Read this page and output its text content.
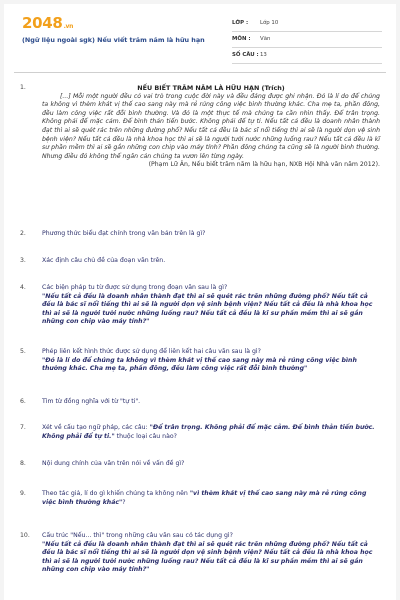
2048.vn
(Ngữ liệu ngoài sgk) Nếu viết trăm năm là hữu hạn
LỚP : Lớp 10
MÔN : Văn
SỐ CÂU : 13
1.	NẾU BIẾT TRĂM NĂM LÀ HỮU HẠN (Trích)
[...] Mỗi một người đều có vai trò trong cuộc đời này và đều đáng được ghi nhận. Đó là lí do để chúng ta không vì thèm khát vị thế cao sang này mà rẻ rúng công việc bình thường khác. Cha mẹ ta, phần đông, đều làm công việc rất đỗi bình thường. Và đó là một thực tế mà chúng ta cần nhìn thấy. Để trân trọng. Không phải để mặc cảm. Để bình thản tiến bước. Không phải để tự ti. Nếu tất cả đều là doanh nhân thành đạt thì ai sẽ quét rác trên những đường phố? Nếu tất cả đều là bác sĩ nổi tiếng thì ai sẽ là người dọn vệ sinh bệnh viện? Nếu tất cả đều là nhà khoa học thì ai sẽ là người tưới nước những luống rau? Nếu tất cả đều là kĩ sư phần mềm thì ai sẽ gắn những con chip vào máy tính? Phần đông chúng ta cũng sẽ là người bình thường. Nhưng điều đó không thể ngăn cản chúng ta vươn lên từng ngày.
(Phạm Lữ Ân, Nếu biết trăm năm là hữu hạn, NXB Hội Nhà văn năm 2012).
2.	Phương thức biểu đạt chính trong văn bản trên là gì?
3.	Xác định câu chủ đề của đoạn văn trên.
4.	Các biện pháp tu từ được sử dụng trong đoạn văn sau là gì?
"Nếu tất cả đều là doanh nhân thành đạt thì ai sẽ quét rác trên những đường phố? Nếu tất cả đều là bác sĩ nổi tiếng thì ai sẽ là người dọn vệ sinh bệnh viện? Nếu tất cả đều là nhà khoa học thì ai sẽ là người tưới nước những luống rau? Nếu tất cả đều là kĩ sư phần mềm thì ai sẽ gắn những con chip vào máy tính?"
5.	Phép liên kết hình thức được sử dụng để liên kết hai câu văn sau là gì?
"Đó là lí do để chúng ta không vì thèm khát vị thế cao sang này mà rẻ rúng công việc bình thường khác. Cha mẹ ta, phần đông, đều làm công việc rất đỗi bình thường"
6.	Tìm từ đồng nghĩa với từ "tự ti".
7.	Xét về cấu tạo ngữ pháp, các câu: "Để trân trọng. Không phải để mặc cảm. Để bình thản tiến bước. Không phải để tự ti." thuộc loại câu nào?
8.	Nội dung chính của văn trên nói về vấn đề gì?
9.	Theo tác giả, lí do gì khiến chúng ta không nên "vì thèm khát vị thế cao sang này mà rẻ rúng công việc bình thường khác"?
10. Cấu trúc "Nếu... thì" trong những câu văn sau có tác dụng gì?
"Nếu tất cả đều là doanh nhân thành đạt thì ai sẽ quét rác trên những đường phố? Nếu tất cả đều là bác sĩ nổi tiếng thì ai sẽ là người dọn vệ sinh bệnh viện? Nếu tất cả đều là nhà khoa học thì ai sẽ là người tưới nước những luống rau? Nếu tất cả đều là kĩ sư phần mềm thì ai sẽ gắn những con chip vào máy tính?"
